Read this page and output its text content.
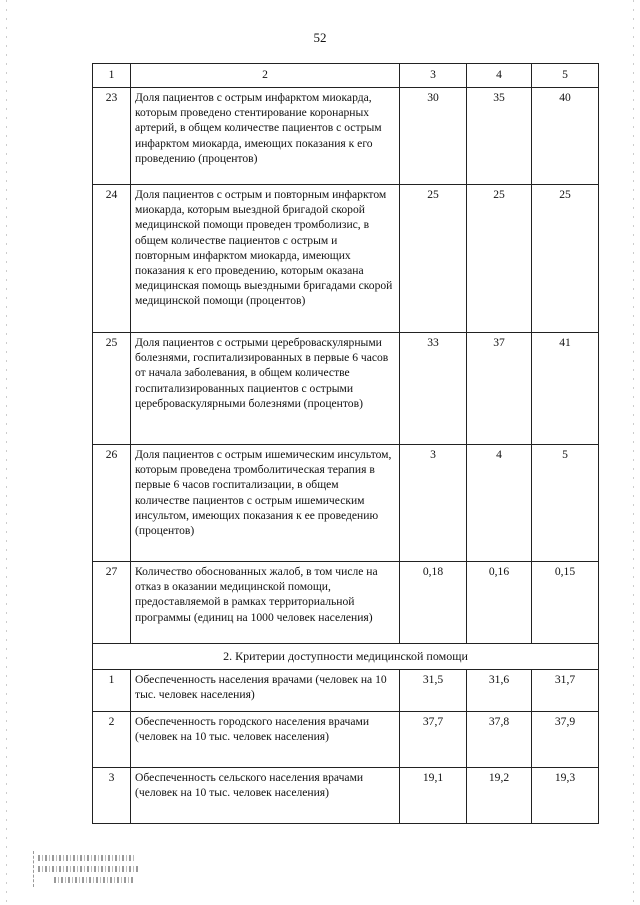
52
1	2	3	4	5
23	Доля пациентов с острым инфарктом миокарда, которым проведено стентирование коронарных артерий, в общем количестве пациентов с острым инфарктом миокарда, имеющих показания к его проведению (процентов)	30	35	40
24	Доля пациентов с острым и повторным инфарктом миокарда, которым выездной бригадой скорой медицинской помощи проведен тромболизис, в общем количестве пациентов с острым и повторным инфарктом миокарда, имеющих показания к его проведению, которым оказана медицинская помощь выездными бригадами скорой медицинской помощи (процентов)	25	25	25
25	Доля пациентов с острыми цереброваскулярными болезнями, госпитализированных в первые 6 часов от начала заболевания, в общем количестве госпитализированных пациентов с острыми цереброваскулярными болезнями (процентов)	33	37	41
26	Доля пациентов с острым ишемическим инсультом, которым проведена тромболитическая терапия в первые 6 часов госпитализации, в общем количестве пациентов с острым ишемическим инсультом, имеющих показания к ее проведению (процентов)	3	4	5
27	Количество обоснованных жалоб, в том числе на отказ в оказании медицинской помощи, предоставляемой в рамках территориальной программы (единиц на 1000 человек населения)	0,18	0,16	0,15
2. Критерии доступности медицинской помощи				
1	Обеспеченность населения врачами (человек на 10 тыс. человек населения)	31,5	31,6	31,7
2	Обеспеченность городского населения врачами (человек на 10 тыс. человек населения)	37,7	37,8	37,9
3	Обеспеченность сельского населения врачами (человек на 10 тыс. человек населения)	19,1	19,2	19,3
